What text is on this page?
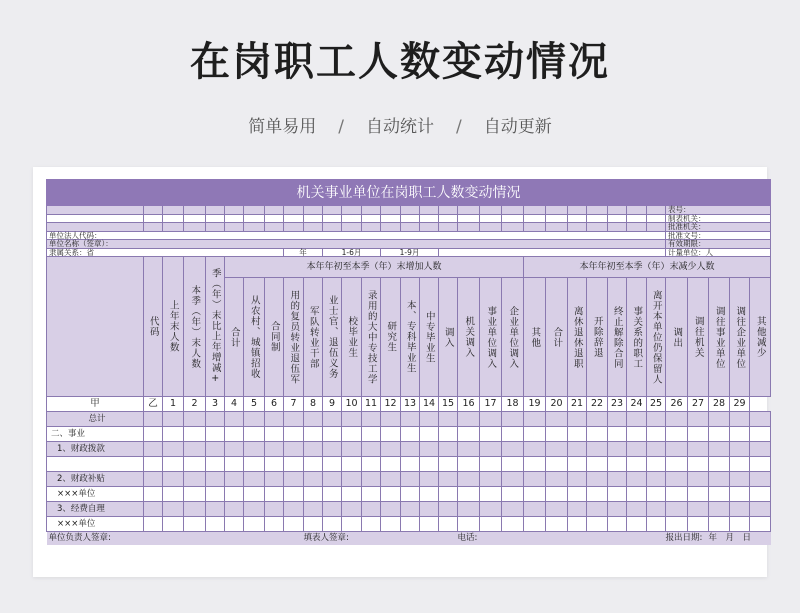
在岗职工人数变动情况
简单易用 / 自动统计 / 自动更新
机关事业单位在岗职工人数变动情况																															
																											表号：				
																											制表机关：				
																											批准机关：				
单位法人代码：																											批准文号：				
单位名称（签章）：																											有效期限：				
隶属关系：省								年		1-6月			1-9月														计量单位：人				

	代码	上年末人数	本季（年）末人数	季（年）末比上年增减+	本年年初至本季（年）末增加人数															本年年初至本季（年）末减少人数											

					合计	从农村、城镇招收	合同制	用的复员转业退伍军	军队转业干部	业士官、退伍义务	校毕业生	录用的大中专技工学	研究生	本、专科毕业生	中专毕业生	调入	机关调入	事业单位调入	企业单位调入	其他	合计	离休退休退职	开除辞退	终止解除合同	事关系的职工	离开本单位仍保留人	调出	调往机关	调往事业单位	调往企业单位	其他减少

甲	乙	1	2	3	4	5	6	7	8	9	10	11	12	13	14	15	16	17	18	19	20	21	22	23	24	25	26	27	28	29	
总计																															
二、事业																															
1、财政拨款																															

2、财政补贴																															
×××单位																															
3、经费自理																															
×××单位																															
单位负责人签章:									填表人签章:								电话:										报出日期:		年　月　日		
